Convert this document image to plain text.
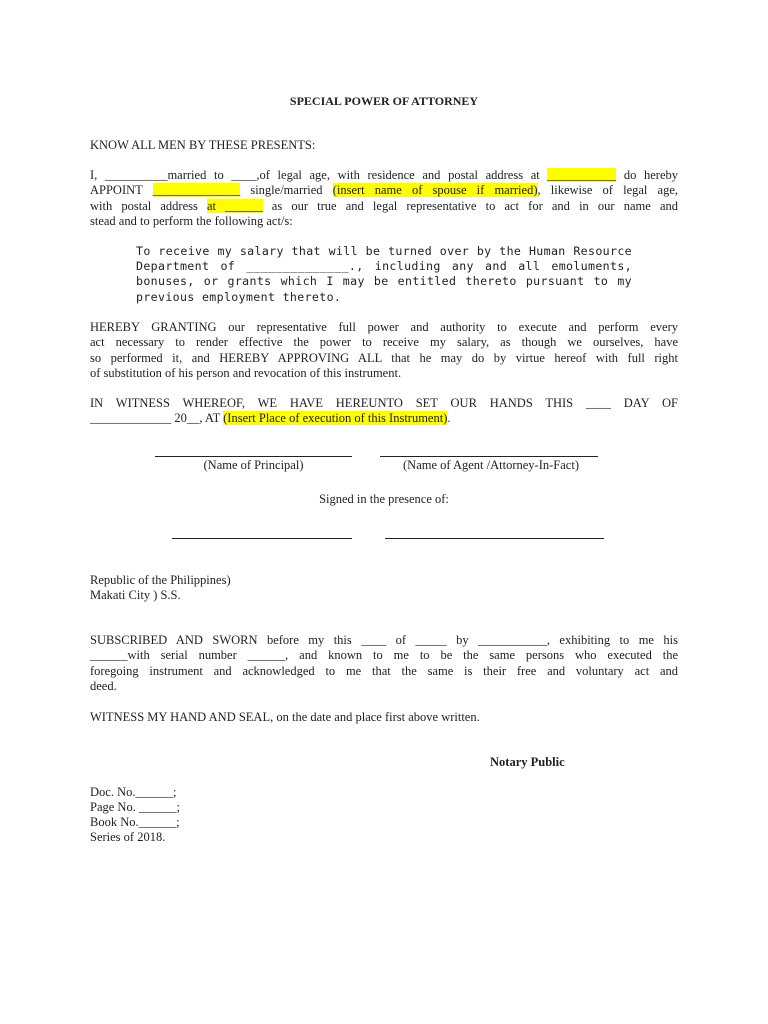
SPECIAL POWER OF ATTORNEY
KNOW ALL MEN BY THESE PRESENTS:
I, __________married to ____,of legal age, with residence and postal address at ___________ do hereby
APPOINT ______________ single/married (insert name of spouse if married), likewise of legal age,
with postal address at ______ as our true and legal representative to act for and in our name and
stead and to perform the following act/s:
To receive my salary that will be turned over by the Human Resource
Department of ______________., including any and all emoluments,
bonuses, or grants which I may be entitled thereto pursuant to my
previous employment thereto.
HEREBY GRANTING our representative full power and authority to execute and perform every
act necessary to render effective the power to receive my salary, as though we ourselves, have
so performed it, and HEREBY APPROVING ALL that he may do by virtue hereof with full right
of substitution of his person and revocation of this instrument.
IN WITNESS WHEREOF, WE HAVE HEREUNTO SET OUR HANDS THIS ____ DAY OF
_____________ 20__, AT (Insert Place of execution of this Instrument).
(Name of Principal)	(Name of Agent /Attorney-In-Fact)
Signed in the presence of:
Republic of the Philippines)
Makati City ) S.S.
SUBSCRIBED AND SWORN before my this ____ of _____ by ___________, exhibiting to me his
______with serial number ______, and known to me to be the same persons who executed the
foregoing instrument and acknowledged to me that the same is their free and voluntary act and
deed.
WITNESS MY HAND AND SEAL, on the date and place first above written.
Notary Public
Doc. No.______;
Page No. ______;
Book No.______;
Series of 2018.
